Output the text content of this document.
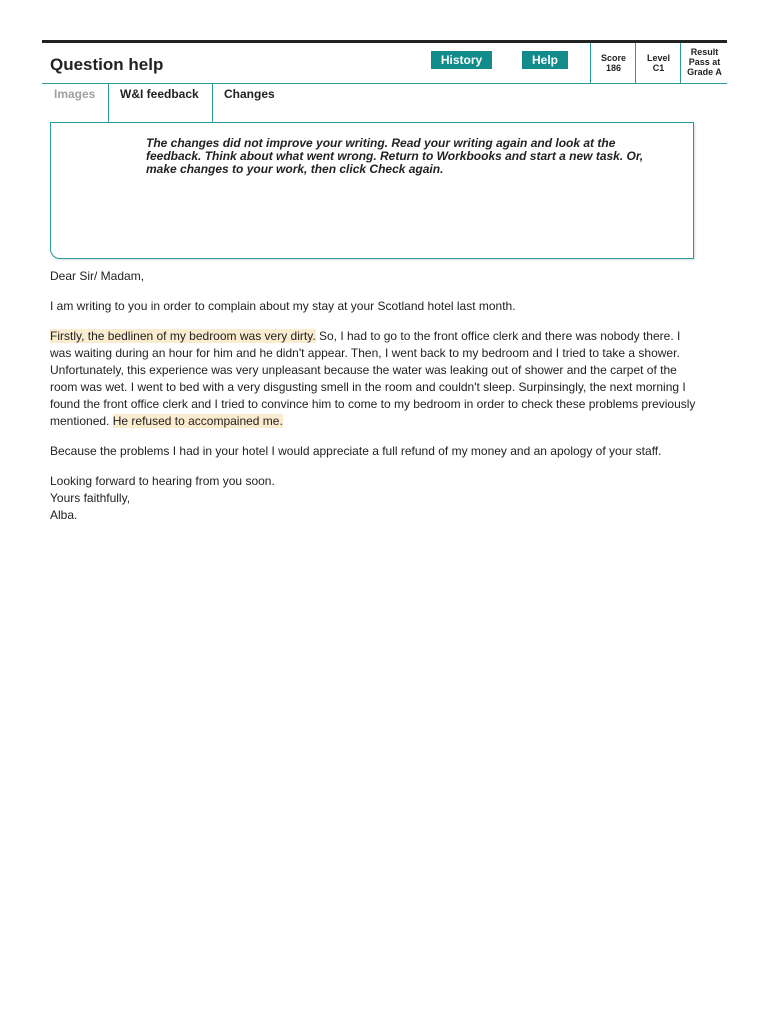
Question help	History	Help	Score
186
Level
C1
Result
Pass at
Grade A
Images W&I feedback Changes
The changes did not improve your writing. Read your writing again and look at the feedback. Think about what went wrong. Return to Workbooks and start a new task. Or, make changes to your work, then click Check again.

Dear Sir/ Madam,

I am writing to you in order to complain about my stay at your Scotland hotel last month.

Firstly, the bedlinen of my bedroom was very dirty. So, I had to go to the front office clerk and there was nobody there. I was waiting during an hour for him and he didn't appear. Then, I went back to my bedroom and I tried to take a shower. Unfortunately, this experience was very unpleasant because the water was leaking out of shower and the carpet of the room was wet. I went to bed with a very disgusting smell in the room and couldn't sleep. Surpinsingly, the next morning I found the front office clerk and I tried to convince him to come to my bedroom in order to check these problems previously mentioned. He refused to accompained me.

Because the problems I had in your hotel I would appreciate a full refund of my money and an apology of your staff.

Looking forward to hearing from you soon.

Yours faithfully,

Alba.
